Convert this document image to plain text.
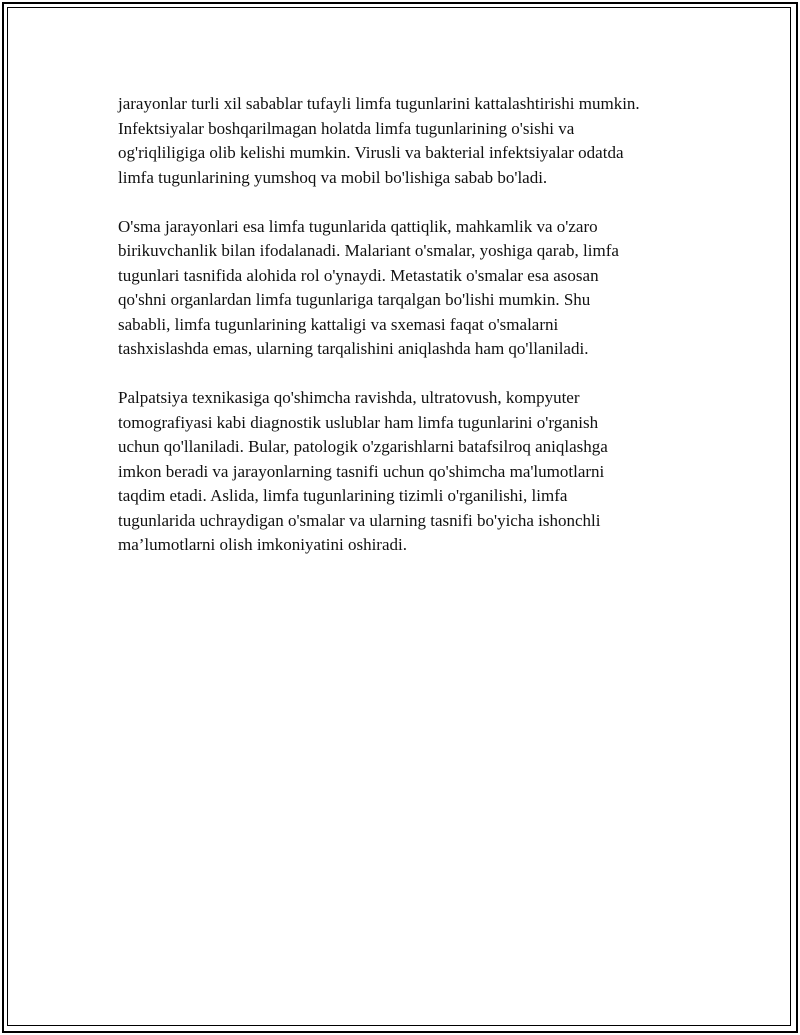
jarayonlar turli xil sabablar tufayli limfa tugunlarini kattalashtirishi mumkin.
Infektsiyalar boshqarilmagan holatda limfa tugunlarining o'sishi va
og'riqliligiga olib kelishi mumkin. Virusli va bakterial infektsiyalar odatda
limfa tugunlarining yumshoq va mobil bo'lishiga sabab bo'ladi.

O'sma jarayonlari esa limfa tugunlarida qattiqlik, mahkamlik va o'zaro
birikuvchanlik bilan ifodalanadi. Malariant o'smalar, yoshiga qarab, limfa
tugunlari tasnifida alohida rol o'ynaydi. Metastatik o'smalar esa asosan
qo'shni organlardan limfa tugunlariga tarqalgan bo'lishi mumkin. Shu
sababli, limfa tugunlarining kattaligi va sxemasi faqat o'smalarni
tashxislashda emas, ularning tarqalishini aniqlashda ham qo'llaniladi.

Palpatsiya texnikasiga qo'shimcha ravishda, ultratovush, kompyuter
tomografiyasi kabi diagnostik uslublar ham limfa tugunlarini o'rganish
uchun qo'llaniladi. Bular, patologik o'zgarishlarni batafsilroq aniqlashga
imkon beradi va jarayonlarning tasnifi uchun qo'shimcha ma'lumotlarni
taqdim etadi. Aslida, limfa tugunlarining tizimli o'rganilishi, limfa
tugunlarida uchraydigan o'smalar va ularning tasnifi bo'yicha ishonchli
ma’lumotlarni olish imkoniyatini oshiradi.
